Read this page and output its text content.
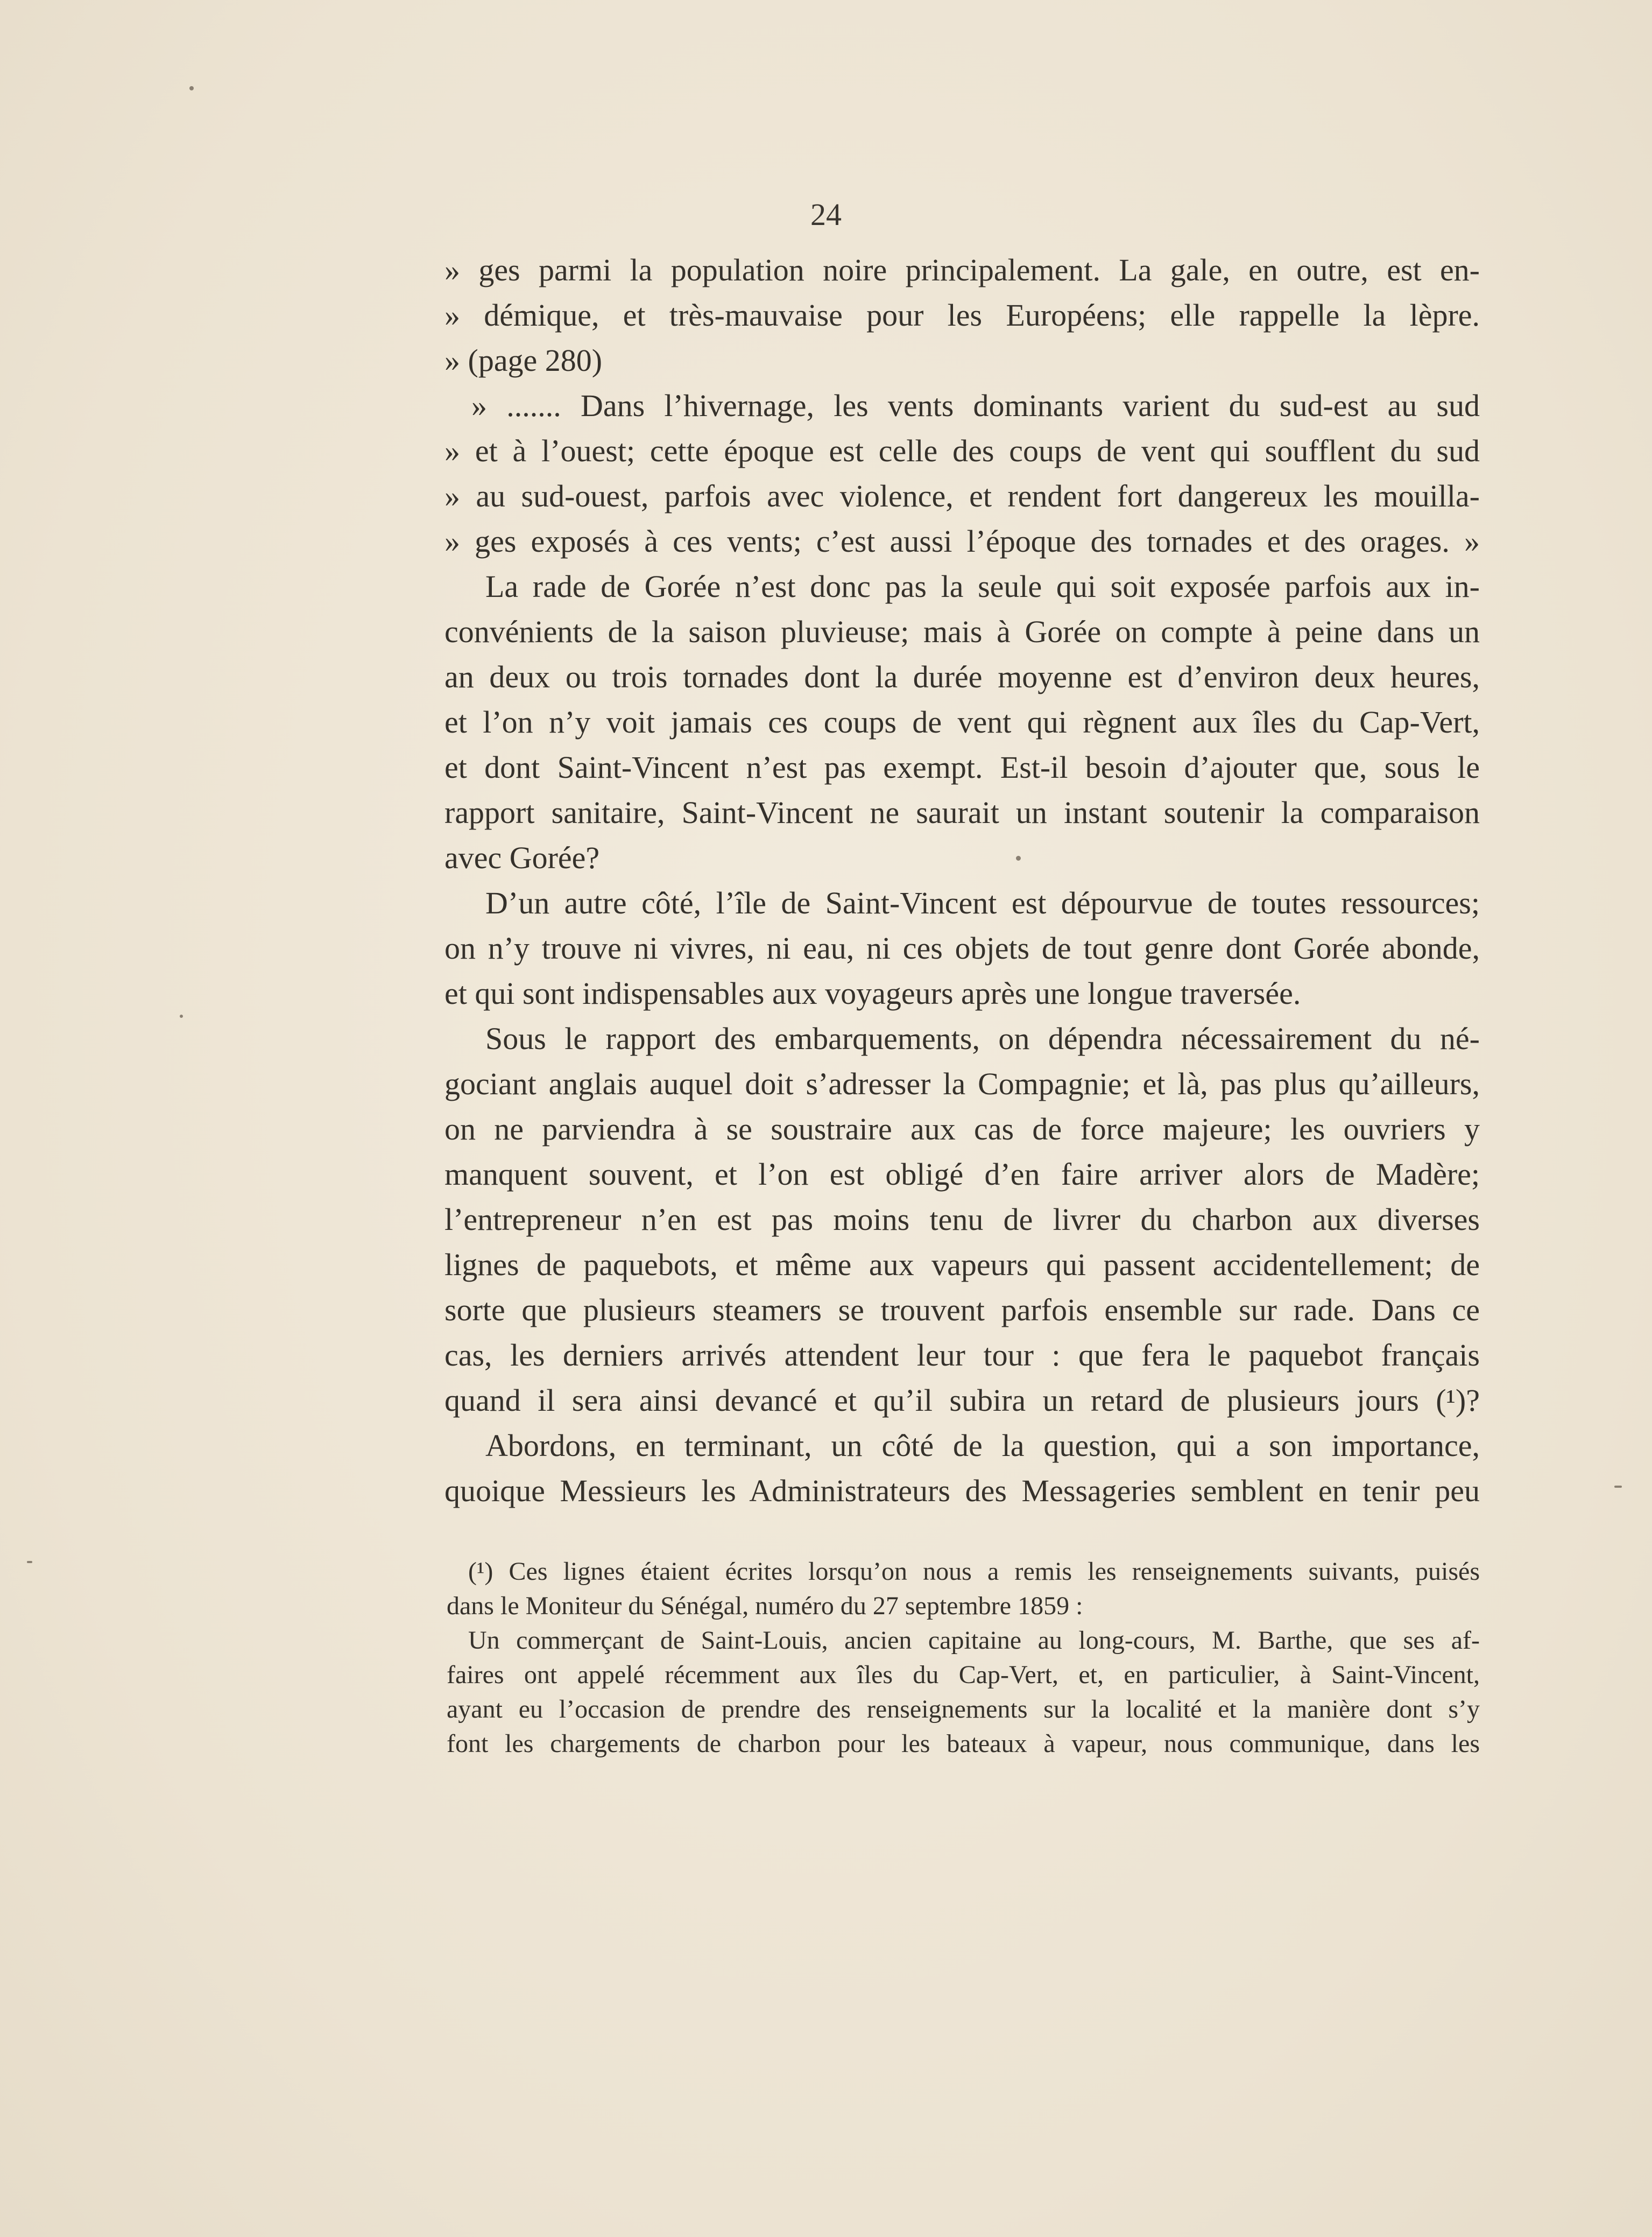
24
» ges parmi la population noire principalement. La gale, en outre, est en-
» démique, et très-mauvaise pour les Européens; elle rappelle la lèpre.
» (page 280)
» ....... Dans l’hivernage, les vents dominants varient du sud-est au sud
» et à l’ouest; cette époque est celle des coups de vent qui soufflent du sud
» au sud-ouest, parfois avec violence, et rendent fort dangereux les mouilla-
» ges exposés à ces vents; c’est aussi l’époque des tornades et des orages. »
La rade de Gorée n’est donc pas la seule qui soit exposée parfois aux in-
convénients de la saison pluvieuse; mais à Gorée on compte à peine dans un
an deux ou trois tornades dont la durée moyenne est d’environ deux heures,
et l’on n’y voit jamais ces coups de vent qui règnent aux îles du Cap-Vert,
et dont Saint-Vincent n’est pas exempt. Est-il besoin d’ajouter que, sous le
rapport sanitaire, Saint-Vincent ne saurait un instant soutenir la comparaison
avec Gorée?
D’un autre côté, l’île de Saint-Vincent est dépourvue de toutes ressources;
on n’y trouve ni vivres, ni eau, ni ces objets de tout genre dont Gorée abonde,
et qui sont indispensables aux voyageurs après une longue traversée.
Sous le rapport des embarquements, on dépendra nécessairement du né-
gociant anglais auquel doit s’adresser la Compagnie; et là, pas plus qu’ailleurs,
on ne parviendra à se soustraire aux cas de force majeure; les ouvriers y
manquent souvent, et l’on est obligé d’en faire arriver alors de Madère;
l’entrepreneur n’en est pas moins tenu de livrer du charbon aux diverses
lignes de paquebots, et même aux vapeurs qui passent accidentellement; de
sorte que plusieurs steamers se trouvent parfois ensemble sur rade. Dans ce
cas, les derniers arrivés attendent leur tour : que fera le paquebot français
quand il sera ainsi devancé et qu’il subira un retard de plusieurs jours (¹)?
Abordons, en terminant, un côté de la question, qui a son importance,
quoique Messieurs les Administrateurs des Messageries semblent en tenir peu
(¹) Ces lignes étaient écrites lorsqu’on nous a remis les renseignements suivants, puisés
dans le Moniteur du Sénégal, numéro du 27 septembre 1859 :
Un commerçant de Saint-Louis, ancien capitaine au long-cours, M. Barthe, que ses af-
faires ont appelé récemment aux îles du Cap-Vert, et, en particulier, à Saint-Vincent,
ayant eu l’occasion de prendre des renseignements sur la localité et la manière dont s’y
font les chargements de charbon pour les bateaux à vapeur, nous communique, dans les
